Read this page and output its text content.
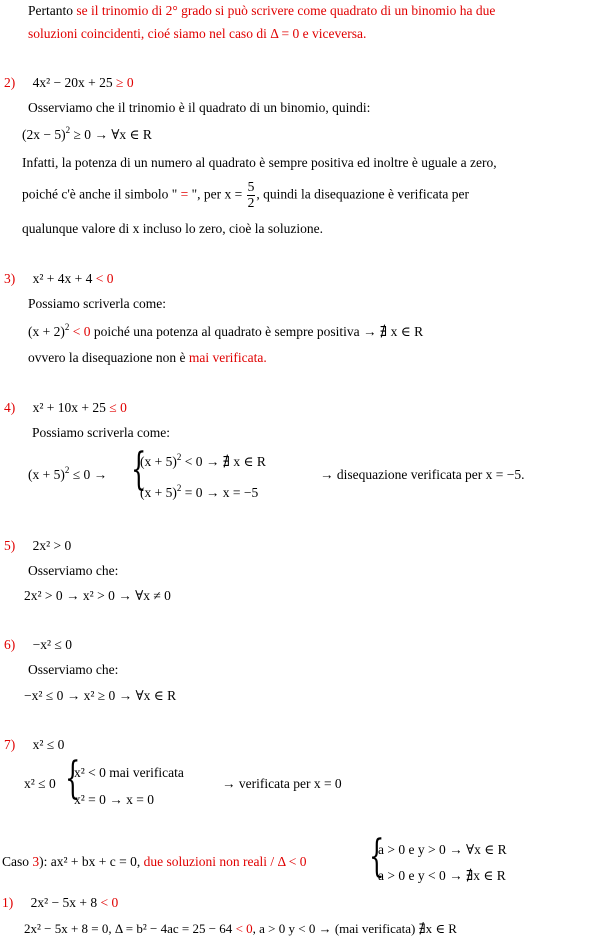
Pertanto se il trinomio di 2° grado si può scrivere come quadrato di un binomio ha due
soluzioni coincidenti, cioé siamo nel caso di Δ = 0 e viceversa.
2) 4x² − 20x + 25 ≥ 0
Osserviamo che il trinomio è il quadrato di un binomio, quindi:
$(2x - 5)^2 \ge 0$ → ∀x ∈ R
Infatti, la potenza di un numero al quadrato è sempre positiva ed inoltre è uguale a zero,
poiché c'è anche il simbolo " = ", per $x = \frac{5}{2}$ , quindi la disequazione è verificata per
qualunque valore di x incluso lo zero, cioè la soluzione.
3) x² + 4x + 4 < 0
Possiamo scriverla come:
$(x + 2)^2 < 0$ poiché una potenza al quadrato è sempre positiva → ∄ x ∈ R
ovvero la disequazione non è mai verificata.
4) x² + 10x + 25 ≤ 0
Possiamo scriverla come:
$(x + 5)^2 \le 0$ → {
$(x + 5)^2 < 0$ → ∄ x ∈ R
$(x + 5)^2 = 0 \to x = -5$
→ disequazione verificata per x = −5.
5) 2x² > 0
Osserviamo che:
2x² > 0 → x² > 0 → ∀x ≠ 0
6) −x² ≤ 0
Osserviamo che:
−x² ≤ 0 → x² ≥ 0 → ∀x ∈ R
7) x² ≤ 0
x² ≤ 0 {
x² < 0 mai verificata
x² = 0 → x = 0
→ verificata per x = 0
Caso 3): ax² + bx + c = 0, due soluzioni non reali / Δ < 0 {
a > 0 e y > 0 → ∀x ∈ R
a > 0 e y < 0 → ∄x ∈ R
1) 2x² − 5x + 8 < 0
2x² − 5x + 8 = 0, Δ = b² − 4ac = 25 − 64 < 0, a > 0 y < 0 → (mai verificata) ∄x ∈ R
